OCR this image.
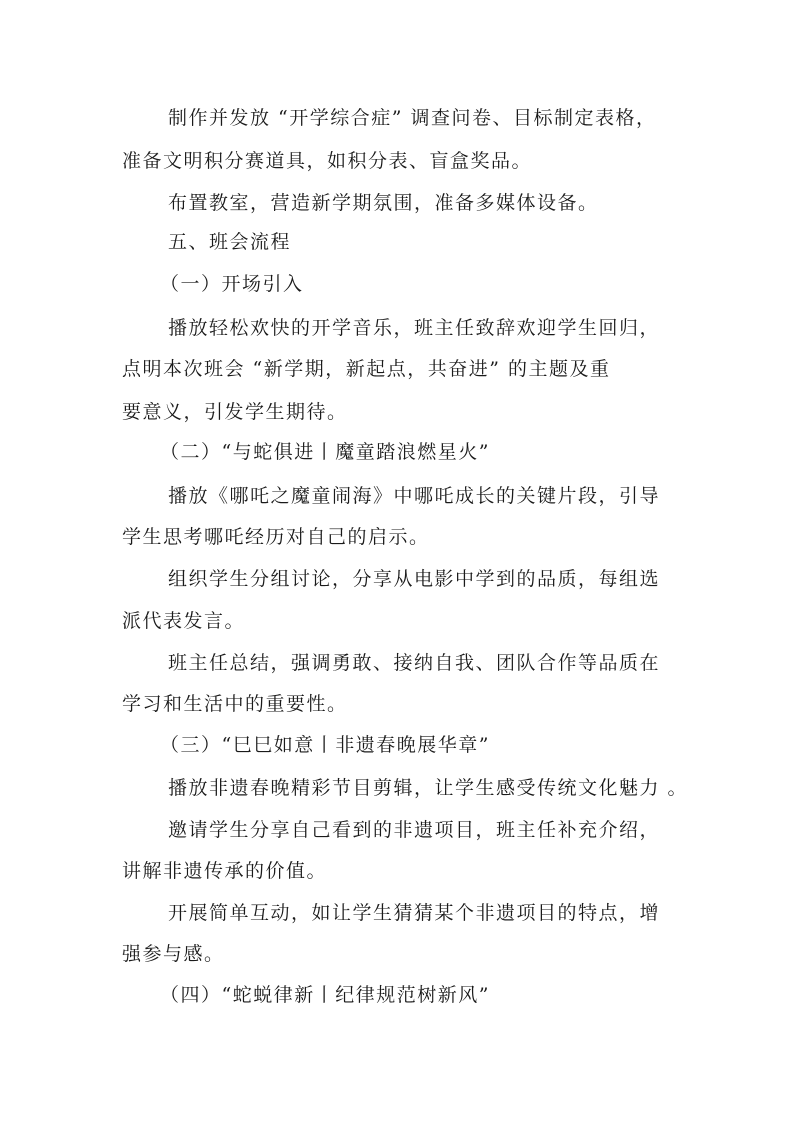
制作并发放 “开学综合症” 调查问卷、目标制定表格，
准备文明积分赛道具，如积分表、盲盒奖品。
布置教室，营造新学期氛围，准备多媒体设备。
五、班会流程
（一）开场引入
播放轻松欢快的开学音乐，班主任致辞欢迎学生回归，
点明本次班会 “新学期，新起点，共奋进” 的主题及重
要意义，引发学生期待。
（二）“与蛇俱进丨魔童踏浪燃星火”
播放《哪吒之魔童闹海》中哪吒成长的关键片段，引导
学生思考哪吒经历对自己的启示。
组织学生分组讨论，分享从电影中学到的品质，每组选
派代表发言。
班主任总结，强调勇敢、接纳自我、团队合作等品质在
学习和生活中的重要性。
（三）“巳巳如意丨非遗春晚展华章”
播放非遗春晚精彩节目剪辑，让学生感受传统文化魅力 。
邀请学生分享自己看到的非遗项目，班主任补充介绍，
讲解非遗传承的价值。
开展简单互动，如让学生猜猜某个非遗项目的特点，增
强参与感。
（四）“蛇蜕律新丨纪律规范树新风”
